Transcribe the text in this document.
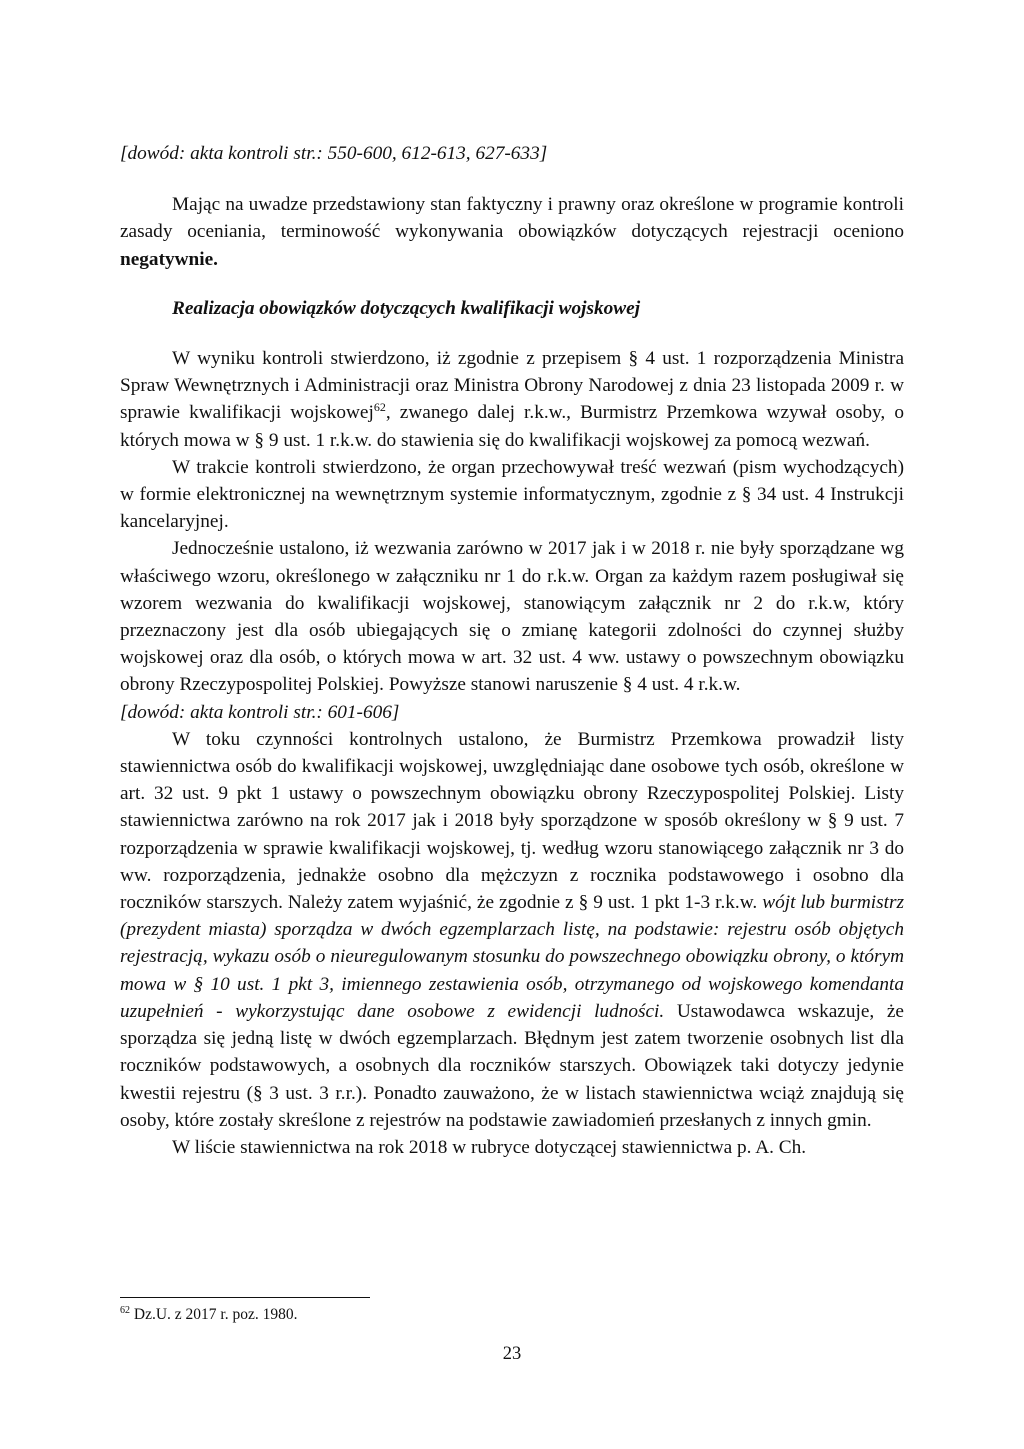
[dowód: akta kontroli str.: 550-600, 612-613, 627-633]

Mając na uwadze przedstawiony stan faktyczny i prawny oraz określone w programie kontroli zasady oceniania, terminowość wykonywania obowiązków dotyczących rejestracji oceniono negatywnie.

Realizacja obowiązków dotyczących kwalifikacji wojskowej

W wyniku kontroli stwierdzono, iż zgodnie z przepisem § 4 ust. 1 rozporządzenia Ministra Spraw Wewnętrznych i Administracji oraz Ministra Obrony Narodowej z dnia 23 listopada 2009 r. w sprawie kwalifikacji wojskowej$^{62}$, zwanego dalej r.k.w., Burmistrz Przemkowa wzywał osoby, o których mowa w § 9 ust. 1 r.k.w. do stawienia się do kwalifikacji wojskowej za pomocą wezwań.

W trakcie kontroli stwierdzono, że organ przechowywał treść wezwań (pism wychodzących) w formie elektronicznej na wewnętrznym systemie informatycznym, zgodnie z § 34 ust. 4 Instrukcji kancelaryjnej.

Jednocześnie ustalono, iż wezwania zarówno w 2017 jak i w 2018 r. nie były sporządzane wg właściwego wzoru, określonego w załączniku nr 1 do r.k.w. Organ za każdym razem posługiwał się wzorem wezwania do kwalifikacji wojskowej, stanowiącym załącznik nr 2 do r.k.w, który przeznaczony jest dla osób ubiegających się o zmianę kategorii zdolności do czynnej służby wojskowej oraz dla osób, o których mowa w art. 32 ust. 4 ww. ustawy o powszechnym obowiązku obrony Rzeczypospolitej Polskiej. Powyższe stanowi naruszenie § 4 ust. 4 r.k.w.

[dowód: akta kontroli str.: 601-606]

W toku czynności kontrolnych ustalono, że Burmistrz Przemkowa prowadził listy stawiennictwa osób do kwalifikacji wojskowej, uwzględniając dane osobowe tych osób, określone w art. 32 ust. 9 pkt 1 ustawy o powszechnym obowiązku obrony Rzeczypospolitej Polskiej. Listy stawiennictwa zarówno na rok 2017 jak i 2018 były sporządzone w sposób określony w § 9 ust. 7 rozporządzenia w sprawie kwalifikacji wojskowej, tj. według wzoru stanowiącego załącznik nr 3 do ww. rozporządzenia, jednakże osobno dla mężczyzn z rocznika podstawowego i osobno dla roczników starszych. Należy zatem wyjaśnić, że zgodnie z § 9 ust. 1 pkt 1-3 r.k.w. wójt lub burmistrz (prezydent miasta) sporządza w dwóch egzemplarzach listę, na podstawie: rejestru osób objętych rejestracją, wykazu osób o nieuregulowanym stosunku do powszechnego obowiązku obrony, o którym mowa w § 10 ust. 1 pkt 3, imiennego zestawienia osób, otrzymanego od wojskowego komendanta uzupełnień - wykorzystując dane osobowe z ewidencji ludności. Ustawodawca wskazuje, że sporządza się jedną listę w dwóch egzemplarzach. Błędnym jest zatem tworzenie osobnych list dla roczników podstawowych, a osobnych dla roczników starszych. Obowiązek taki dotyczy jedynie kwestii rejestru (§ 3 ust. 3 r.r.). Ponadto zauważono, że w listach stawiennictwa wciąż znajdują się osoby, które zostały skreślone z rejestrów na podstawie zawiadomień przesłanych z innych gmin.

W liście stawiennictwa na rok 2018 w rubryce dotyczącej stawiennictwa p. A. Ch.

$^{62}$ Dz.U. z 2017 r. poz. 1980.
23
